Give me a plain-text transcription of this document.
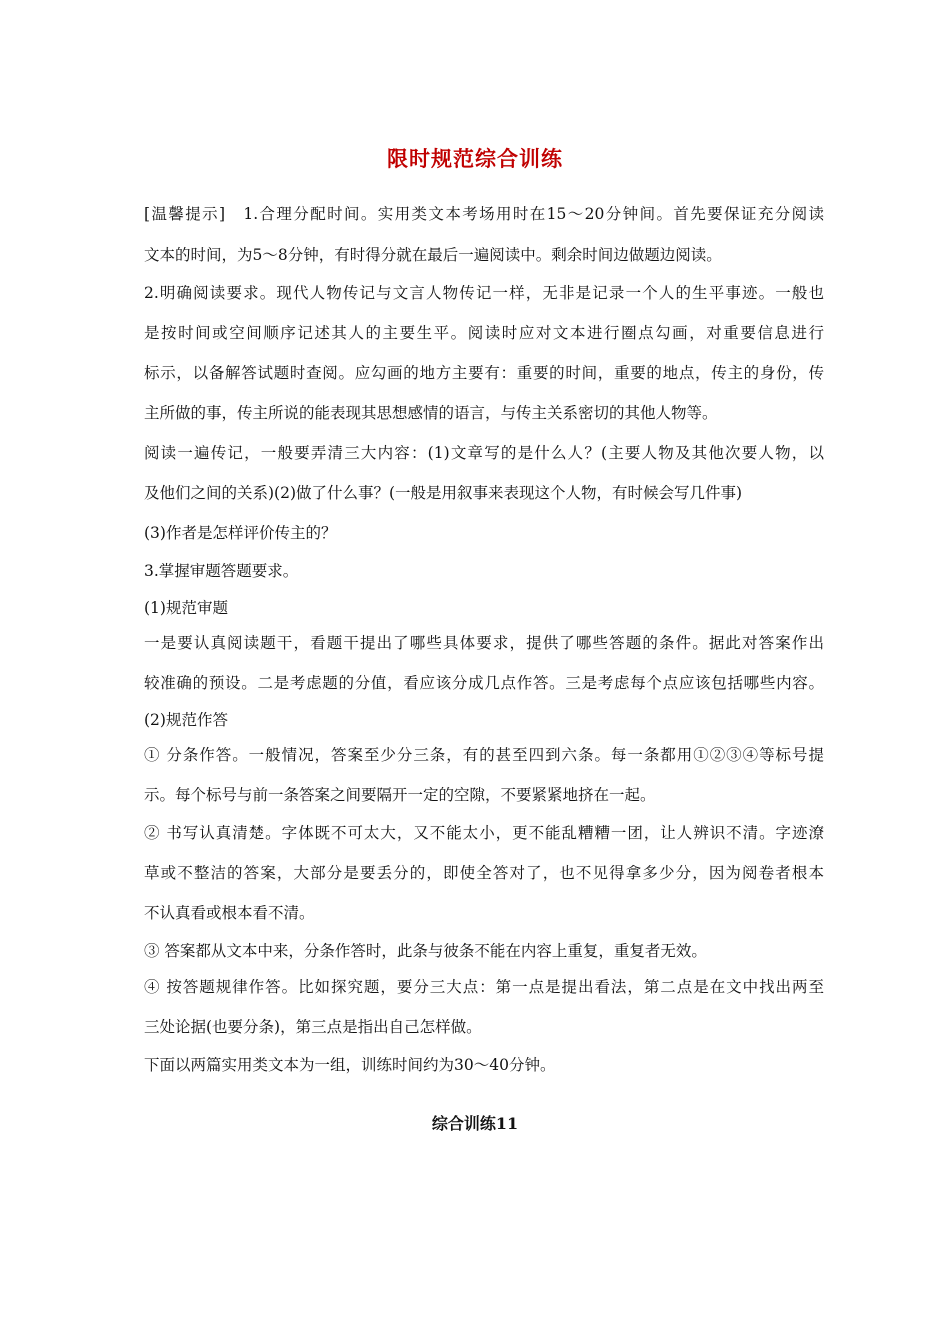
限时规范综合训练
[温馨提示]　1.合理分配时间。实用类文本考场用时在15～20分钟间。首先要保证充分阅读
文本的时间，为5～8分钟，有时得分就在最后一遍阅读中。剩余时间边做题边阅读。
2.明确阅读要求。现代人物传记与文言人物传记一样，无非是记录一个人的生平事迹。一般也
是按时间或空间顺序记述其人的主要生平。阅读时应对文本进行圈点勾画，对重要信息进行
标示，以备解答试题时查阅。应勾画的地方主要有：重要的时间，重要的地点，传主的身份，传
主所做的事，传主所说的能表现其思想感情的语言，与传主关系密切的其他人物等。
阅读一遍传记，一般要弄清三大内容：(1)文章写的是什么人？(主要人物及其他次要人物，以
及他们之间的关系)(2)做了什么事？(一般是用叙事来表现这个人物，有时候会写几件事)
(3)作者是怎样评价传主的？
3.掌握审题答题要求。
(1)规范审题
一是要认真阅读题干，看题干提出了哪些具体要求，提供了哪些答题的条件。据此对答案作出
较准确的预设。二是考虑题的分值，看应该分成几点作答。三是考虑每个点应该包括哪些内容。
(2)规范作答
① 分条作答。一般情况，答案至少分三条，有的甚至四到六条。每一条都用①②③④等标号提
示。每个标号与前一条答案之间要隔开一定的空隙，不要紧紧地挤在一起。
② 书写认真清楚。字体既不可太大，又不能太小，更不能乱糟糟一团，让人辨识不清。字迹潦
草或不整洁的答案，大部分是要丢分的，即使全答对了，也不见得拿多少分，因为阅卷者根本
不认真看或根本看不清。
③ 答案都从文本中来，分条作答时，此条与彼条不能在内容上重复，重复者无效。
④ 按答题规律作答。比如探究题，要分三大点：第一点是提出看法，第二点是在文中找出两至
三处论据(也要分条)，第三点是指出自己怎样做。
下面以两篇实用类文本为一组，训练时间约为30～40分钟。
综合训练11
